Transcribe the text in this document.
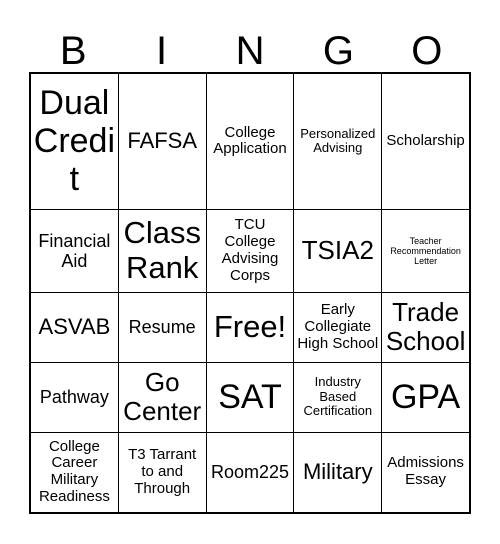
B	I	N	G	O
Dual Credit	FAFSA	College Application	Personalized Advising	Scholarship
Financial Aid	Class Rank	TCU College Advising Corps	TSIA2	Teacher Recommendation Letter
ASVAB	Resume	Free!	Early Collegiate High School	Trade School
Pathway	Go Center	SAT	Industry Based Certification	GPA
College Career Military Readiness	T3 Tarrant to and Through	Room225	Military	Admissions Essay
